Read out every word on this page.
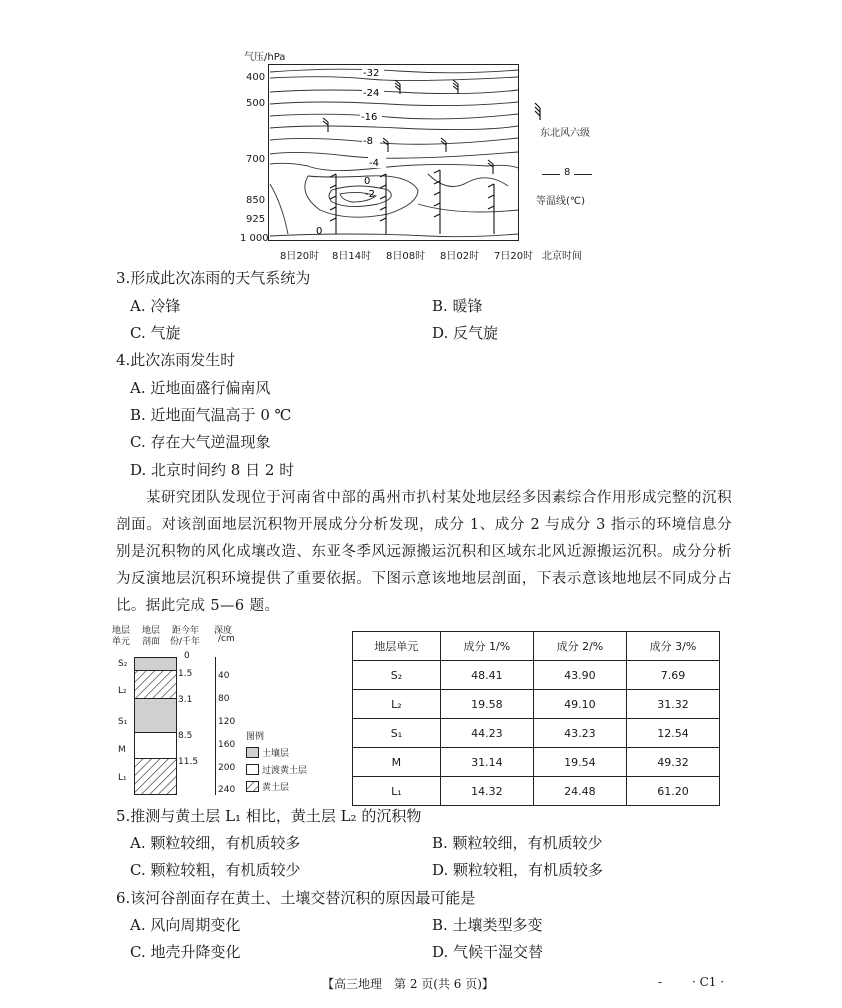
气压/hPa
400
500
700
850
925
1 000
-32
-24
-16
-8
-4
0
-2
0
8日20时 8日14时 8日08时 8日02时 7日20时 北京时间
东北风六级
8
等温线(℃)
3.形成此次冻雨的天气系统为
A. 冷锋	B. 暖锋
C. 气旋	D. 反气旋
4.此次冻雨发生时
A. 近地面盛行偏南风
B. 近地面气温高于 0 ℃
C. 存在大气逆温现象
D. 北京时间约 8 日 2 时
某研究团队发现位于河南省中部的禹州市扒村某处地层经多因素综合作用形成完整的沉积剖面。对该剖面地层沉积物开展成分分析发现，成分 1、成分 2 与成分 3 指示的环境信息分别是沉积物的风化成壤改造、东亚冬季风远源搬运沉积和区域东北风近源搬运沉积。成分分析为反演地层沉积环境提供了重要依据。下图示意该地地层剖面，下表示意该地地层不同成分占比。据此完成 5—6 题。
地层
单元
地层
剖面
距今年
份/千年
深度
/cm
S₂
L₂
S₁
M
L₁
0
1.5
3.1
8.5
11.5
40
80
120
160
200
240
图例
土壤层
过渡黄土层
黄土层
地层单元	成分 1/%	成分 2/%	成分 3/%
S₂	48.41	43.90	7.69
L₂	19.58	49.10	31.32
S₁	44.23	43.23	12.54
M	31.14	19.54	49.32
L₁	14.32	24.48	61.20
5.推测与黄土层 L₁ 相比，黄土层 L₂ 的沉积物
A. 颗粒较细，有机质较多	B. 颗粒较细，有机质较少
C. 颗粒较粗，有机质较少	D. 颗粒较粗，有机质较多
6.该河谷剖面存在黄土、土壤交替沉积的原因最可能是
A. 风向周期变化	B. 土壤类型多变
C. 地壳升降变化	D. 气候干湿交替
【高三地理　第 2 页(共 6 页)】	- · C1 ·
